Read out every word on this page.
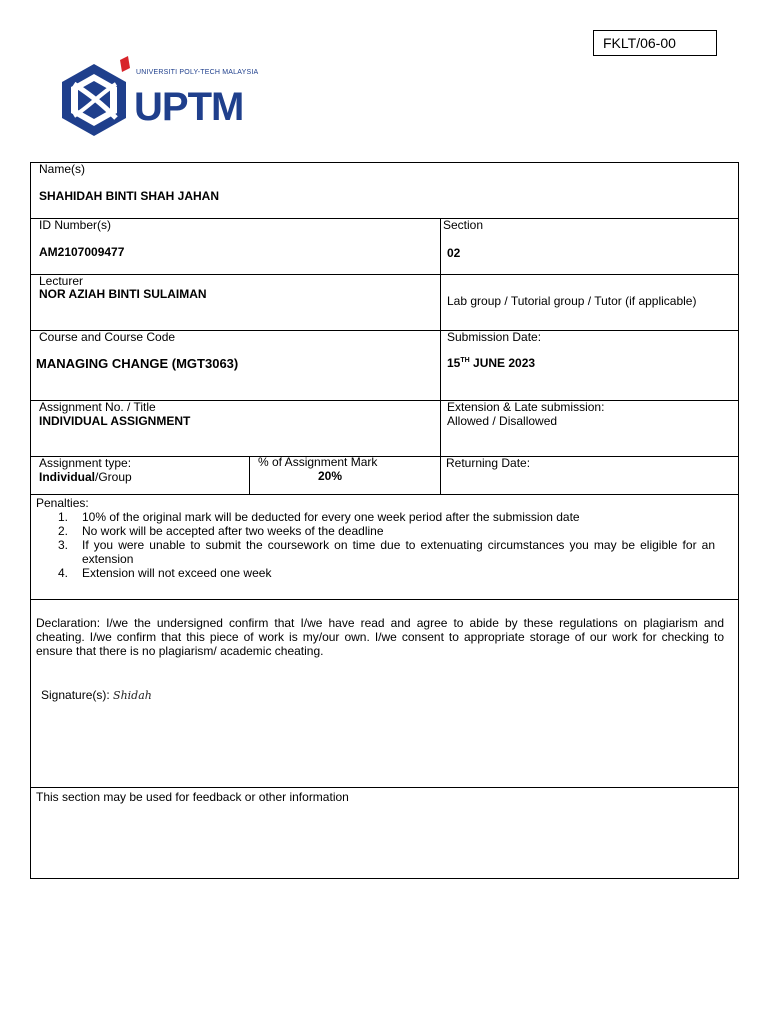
FKLT/06-00
UNIVERSITI POLY-TECH MALAYSIA
UPTM
Name(s)
SHAHIDAH BINTI SHAH JAHAN
ID Number(s)
AM2107009477
Section
02
Lecturer
NOR AZIAH BINTI SULAIMAN	Lab group / Tutorial group / Tutor (if applicable)
Course and Course Code
MANAGING CHANGE (MGT3063)
Submission Date:
15TH JUNE 2023
Assignment No. / Title
INDIVIDUAL ASSIGNMENT
Extension & Late submission:
Allowed / Disallowed
Assignment type:
Individual/Group
% of Assignment Mark
20%
Returning Date:
Penalties:
1. 10% of the original mark will be deducted for every one week period after the submission date
2. No work will be accepted after two weeks of the deadline
3. If you were unable to submit the coursework on time due to extenuating circumstances you may be eligible for an extension
4. Extension will not exceed one week
Declaration: I/we the undersigned confirm that I/we have read and agree to abide by these regulations on plagiarism and cheating. I/we confirm that this piece of work is my/our own. I/we consent to appropriate storage of our work for checking to ensure that there is no plagiarism/ academic cheating.
Signature(s): Shidah
This section may be used for feedback or other information
